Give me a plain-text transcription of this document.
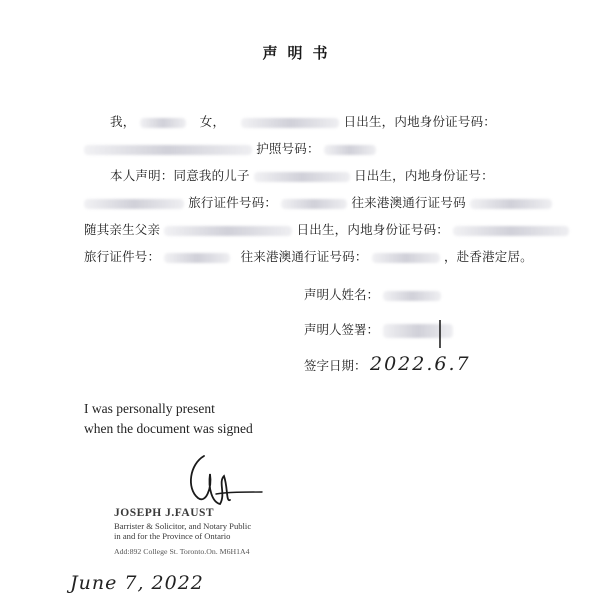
声明书
我，	女，	日出生，内地身份证号码：
护照号码：
本人声明：同意我的儿子	日出生，内地身份证号：
旅行证件号码：	往来港澳通行证号码
随其亲生父亲	日出生，内地身份证号码：
旅行证件号：	往来港澳通行证号码：	，赴香港定居。
声明人姓名：
声明人签署：
签字日期： 2022.6.7
I was personally present
when the document was signed
JOSEPH J.FAUST
Barrister & Solicitor, and Notary Public
in and for the Province of Ontario
Add:892 College St. Toronto.On. M6H1A4
June 7, 2022
